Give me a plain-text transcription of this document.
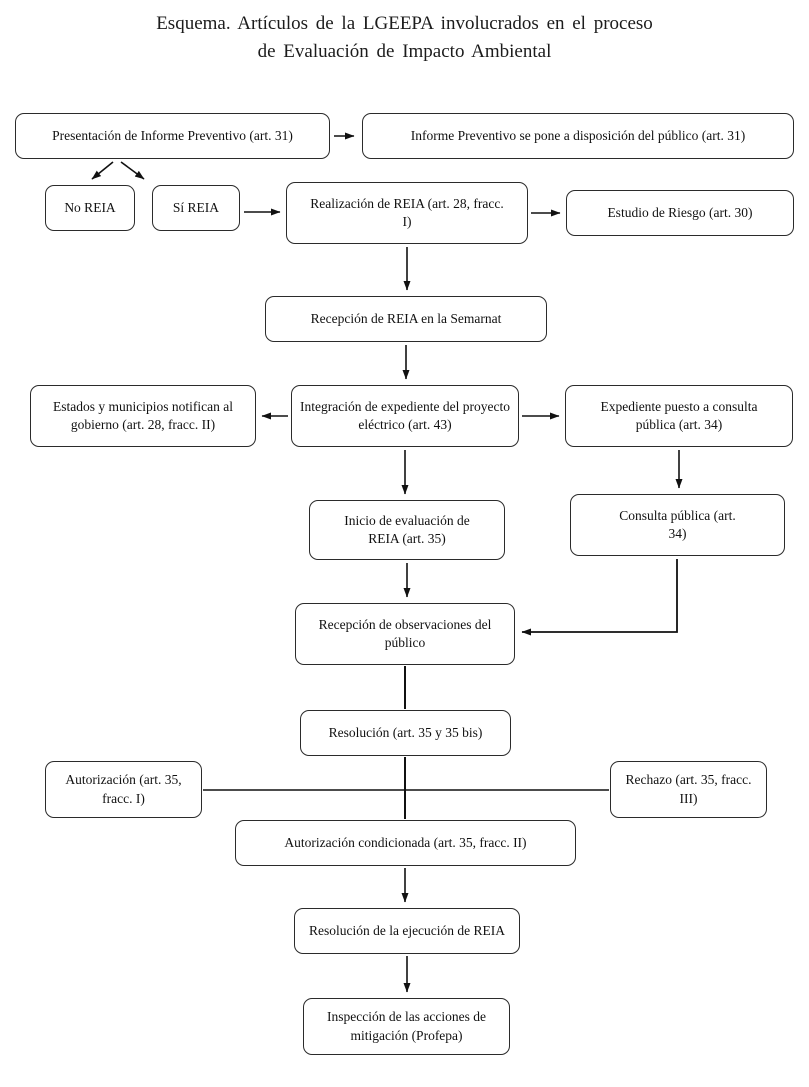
Esquema. Artículos de la LGEEPA involucrados en el proceso
de Evaluación de Impacto Ambiental
Presentación de Informe Preventivo (art. 31)	Informe Preventivo se pone a disposición del público (art. 31)
No REIA	Sí REIA	Realización de REIA (art. 28, fracc. I)
Estudio de Riesgo (art. 30)
Recepción de REIA en la Semarnat
Estados y municipios notifican al gobierno (art. 28, fracc. II)
Integración de expediente del proyecto eléctrico (art. 43)
Expediente puesto a consulta pública (art. 34)
Inicio de evaluación de REIA (art. 35)
Consulta pública (art. 34)
Recepción de observaciones del público
Resolución (art. 35 y 35 bis)
Autorización (art. 35, fracc. I)
Rechazo (art. 35, fracc. III)
Autorización condicionada (art. 35, fracc. II)
Resolución de la ejecución de REIA
Inspección de las acciones de mitigación (Profepa)
